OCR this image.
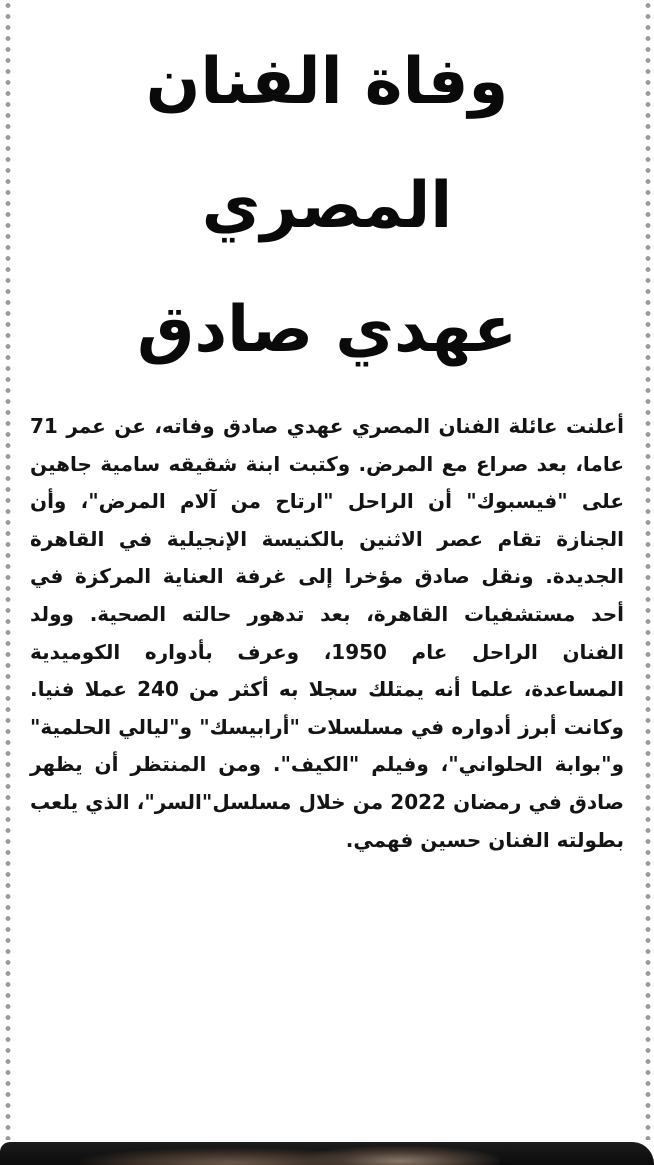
وفاة الفنان المصري
عهدي صادق

أعلنت عائلة الفنان المصري عهدي صادق وفاته، عن عمر 71 عاما، بعد صراع مع المرض. وكتبت ابنة شقيقه سامية جاهين على "فيسبوك" أن الراحل "ارتاح من آلام المرض"، وأن الجنازة تقام عصر الاثنين بالكنيسة الإنجيلية في القاهرة الجديدة. ونقل صادق مؤخرا إلى غرفة العناية المركزة في أحد مستشفيات القاهرة، بعد تدهور حالته الصحية. وولد الفنان الراحل عام 1950، وعرف بأدواره الكوميدية المساعدة، علما أنه يمتلك سجلا به أكثر من 240 عملا فنيا. وكانت أبرز أدواره في مسلسلات "أرابيسك" و"ليالي الحلمية" و"بوابة الحلواني"، وفيلم "الكيف". ومن المنتظر أن يظهر صادق في رمضان 2022 من خلال مسلسل"السر"، الذي يلعب بطولته الفنان حسين فهمي.
